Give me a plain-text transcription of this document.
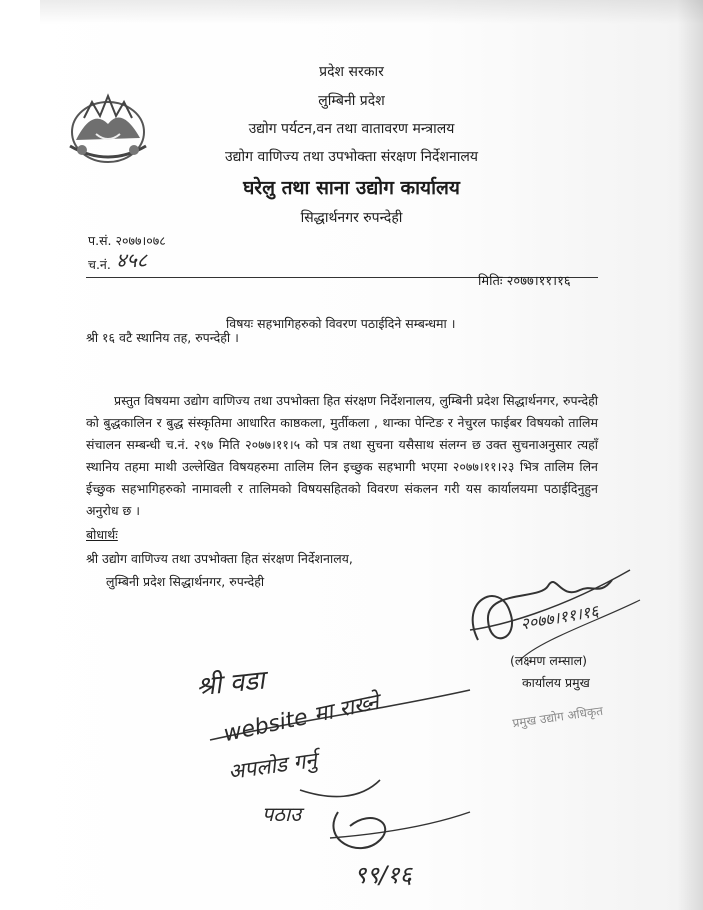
प्रदेश सरकार
लुम्बिनी प्रदेश
उद्योग पर्यटन,वन तथा वातावरण मन्त्रालय
उद्योग वाणिज्य तथा उपभोक्ता संरक्षण निर्देशनालय
घरेलु तथा साना उद्योग कार्यालय
सिद्धार्थनगर रुपन्देही
प.सं. २०७७।०७८
च.नं. ४५८
मितिः २०७७।११।१६
विषयः सहभागिहरुको विवरण पठाईदिने सम्बन्धमा ।
श्री १६ वटै स्थानिय तह, रुपन्देही ।
प्रस्तुत विषयमा उद्योग वाणिज्य तथा उपभोक्ता हित संरक्षण निर्देशनालय, लुम्बिनी प्रदेश सिद्धार्थनगर, रुपन्देही को बुद्धकालिन र बुद्ध संस्कृतिमा आधारित काष्ठकला, मुर्तीकला , थान्का पेन्टिङ र नेचुरल फाईबर विषयको तालिम संचालन सम्बन्धी च.नं. २९७ मिति २०७७।११।५ को पत्र तथा सुचना यसैसाथ संलग्न छ उक्त सुचनाअनुसार त्यहाँ स्थानिय तहमा माथी उल्लेखित विषयहरुमा तालिम लिन इच्छुक सहभागी भएमा २०७७।११।२३ भित्र तालिम लिन ईच्छुक सहभागिहरुको नामावली र तालिमको विषयसहितको विवरण संकलन गरी यस कार्यालयमा पठाईदिनुहुन अनुरोध छ ।
बोधार्थः
श्री उद्योग वाणिज्य तथा उपभोक्ता हित संरक्षण निर्देशनालय,
लुम्बिनी प्रदेश सिद्धार्थनगर, रुपन्देही
२०७७।११।१६
(लक्ष्मण लम्साल)
कार्यालय प्रमुख
प्रमुख उद्योग अधिकृत
श्री वडा
website मा राख्ने
अपलोड गर्नु
पठाउ
९९/१६
